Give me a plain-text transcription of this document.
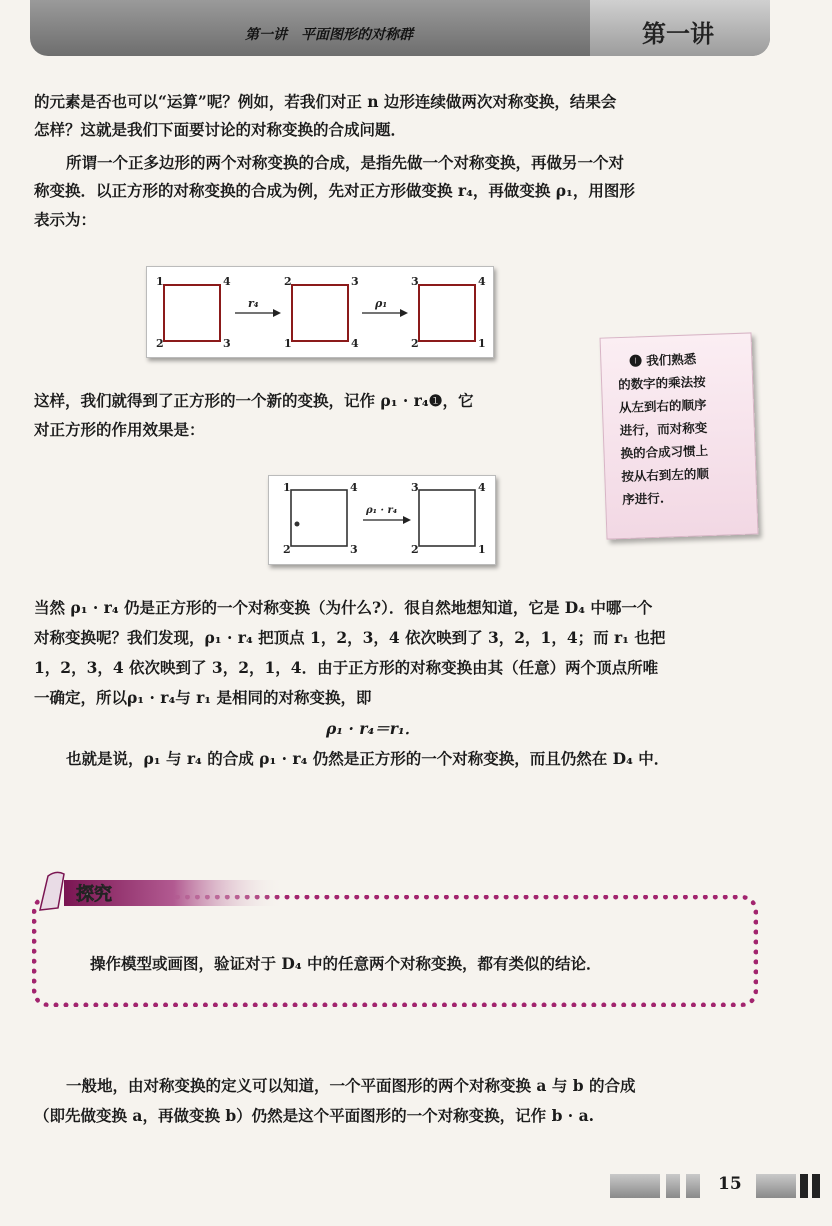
第一讲　平面图形的对称群	第一讲
的元素是否也可以“运算”呢？例如，若我们对正 n 边形连续做两次对称变换，结果会
怎样？这就是我们下面要讨论的对称变换的合成问题．
所谓一个正多边形的两个对称变换的合成，是指先做一个对称变换，再做另一个对
称变换．以正方形的对称变换的合成为例，先对正方形做变换 r₄，再做变换 ρ₁，用图形
表示为：
1	4
2	3
r₄
2	3
1	4
ρ₁
3	4
2	1
这样，我们就得到了正方形的一个新的变换，记作 ρ₁ · r₄❶，它
对正方形的作用效果是：
❶ 我们熟悉
的数字的乘法按
从左到右的顺序
进行，而对称变
换的合成习惯上
按从右到左的顺
序进行.
1	4
2	3
ρ₁ · r₄
3	4
2	1
当然 ρ₁ · r₄ 仍是正方形的一个对称变换（为什么?）．很自然地想知道，它是 D₄ 中哪一个
对称变换呢？我们发现，ρ₁ · r₄ 把顶点 1，2，3，4 依次映到了 3，2，1，4；而 r₁ 也把
1，2，3，4 依次映到了 3，2，1，4．由于正方形的对称变换由其（任意）两个顶点所唯
一确定，所以ρ₁ · r₄与 r₁ 是相同的对称变换，即
ρ₁ · r₄＝r₁．
也就是说，ρ₁ 与 r₄ 的合成 ρ₁ · r₄ 仍然是正方形的一个对称变换，而且仍然在 D₄ 中．
探究
操作模型或画图，验证对于 D₄ 中的任意两个对称变换，都有类似的结论．
一般地，由对称变换的定义可以知道，一个平面图形的两个对称变换 a 与 b 的合成
（即先做变换 a，再做变换 b）仍然是这个平面图形的一个对称变换，记作 b · a.
15
